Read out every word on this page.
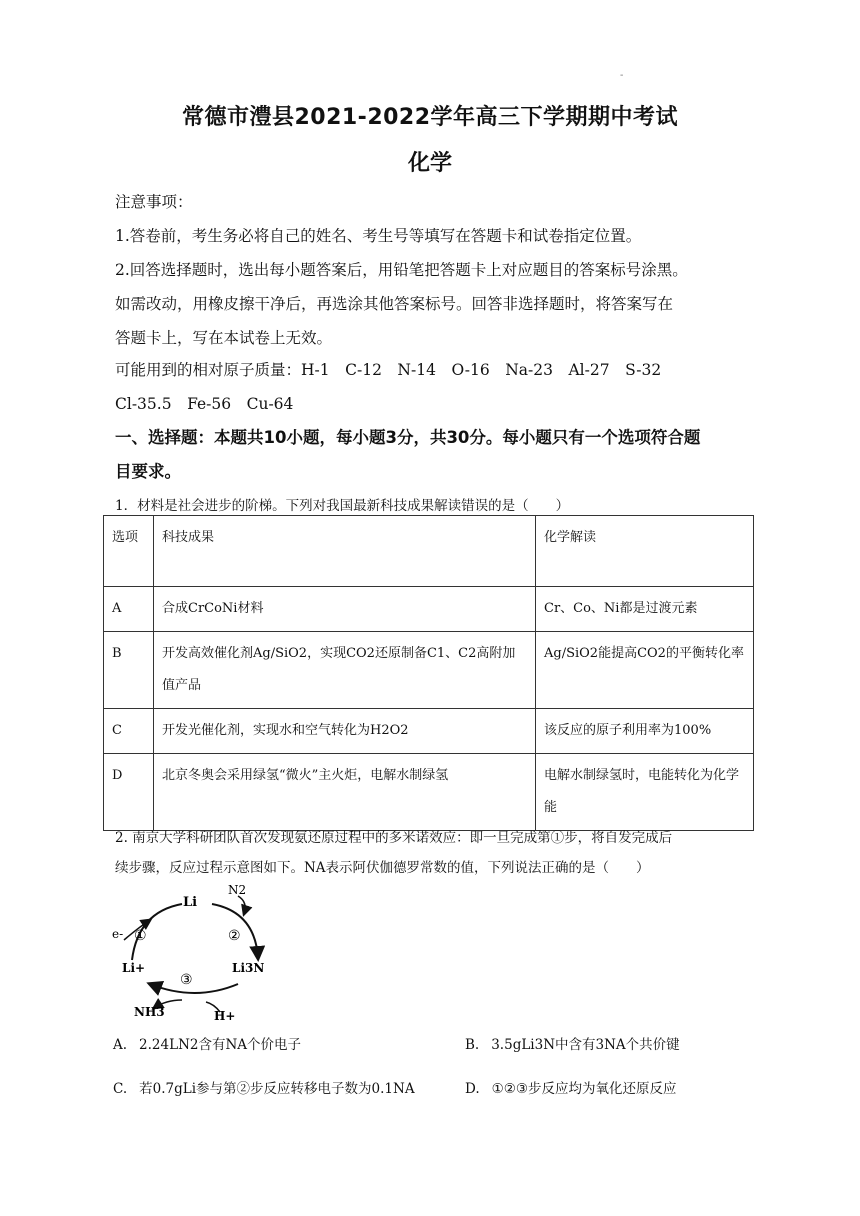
-
常德市澧县2021-2022学年高三下学期期中考试
化学
注意事项：
1.答卷前，考生务必将自己的姓名、考生号等填写在答题卡和试卷指定位置。
2.回答选择题时，选出每小题答案后，用铅笔把答题卡上对应题目的答案标号涂黑。
如需改动，用橡皮擦干净后，再选涂其他答案标号。回答非选择题时，将答案写在
答题卡上，写在本试卷上无效。
可能用到的相对原子质量：H-1　C-12　N-14　O-16　Na-23　Al-27　S-32
Cl-35.5　Fe-56　Cu-64
一、选择题：本题共10小题，每小题3分，共30分。每小题只有一个选项符合题
目要求。
1．材料是社会进步的阶梯。下列对我国最新科技成果解读错误的是（　　）
选项	科技成果	化学解读
A	合成CrCoNi材料	Cr、Co、Ni都是过渡元素
B	开发高效催化剂Ag/SiO2，实现CO2还原制备C1、C2高附加值产品	Ag/SiO2能提高CO2的平衡转化率
C	开发光催化剂，实现水和空气转化为H2O2	该反应的原子利用率为100%
D	北京冬奥会采用绿氢“微火”主火炬，电解水制绿氢	电解水制绿氢时，电能转化为化学能
2. 南京大学科研团队首次发现氨还原过程中的多米诺效应：即一旦完成第①步，将自发完成后
续步骤，反应过程示意图如下。NA表示阿伏伽德罗常数的值，下列说法正确的是（　　）
Li
N2
e- ①	②
③
Li+	Li3N
NH3	H+
A. 2.24LN2含有NA个价电子	B. 3.5gLi3N中含有3NA个共价键
C. 若0.7gLi参与第②步反应转移电子数为0.1NA	D. ①②③步反应均为氧化还原反应
